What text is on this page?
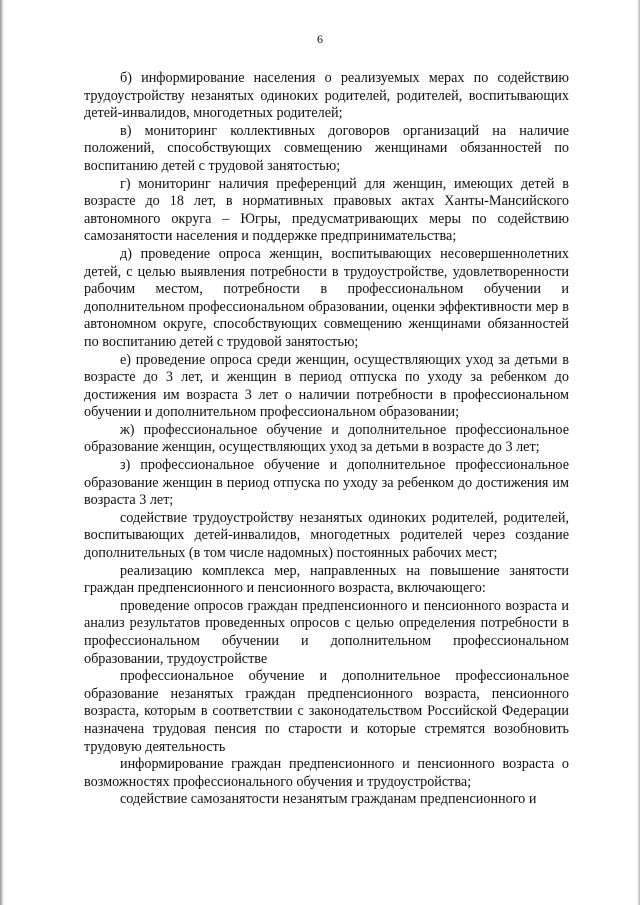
6

б) информирование населения о реализуемых мерах по содействию трудоустройству незанятых одиноких родителей, родителей, воспитывающих детей-инвалидов, многодетных родителей;

в) мониторинг коллективных договоров организаций на наличие положений, способствующих совмещению женщинами обязанностей по воспитанию детей с трудовой занятостью;

г) мониторинг наличия преференций для женщин, имеющих детей в возрасте до 18 лет, в нормативных правовых актах Ханты-Мансийского автономного округа – Югры, предусматривающих меры по содействию самозанятости населения и поддержке предпринимательства;

д) проведение опроса женщин, воспитывающих несовершеннолетних детей, с целью выявления потребности в трудоустройстве, удовлетворенности рабочим местом, потребности в профессиональном обучении и дополнительном профессиональном образовании, оценки эффективности мер в автономном округе, способствующих совмещению женщинами обязанностей по воспитанию детей с трудовой занятостью;

е) проведение опроса среди женщин, осуществляющих уход за детьми в возрасте до 3 лет, и женщин в период отпуска по уходу за ребенком до достижения им возраста 3 лет о наличии потребности в профессиональном обучении и дополнительном профессиональном образовании;

ж) профессиональное обучение и дополнительное профессиональное образование женщин, осуществляющих уход за детьми в возрасте до 3 лет;

з) профессиональное обучение и дополнительное профессиональное образование женщин в период отпуска по уходу за ребенком до достижения им возраста 3 лет;

содействие трудоустройству незанятых одиноких родителей, родителей, воспитывающих детей-инвалидов, многодетных родителей через создание дополнительных (в том числе надомных) постоянных рабочих мест;

реализацию комплекса мер, направленных на повышение занятости граждан предпенсионного и пенсионного возраста, включающего:

проведение опросов граждан предпенсионного и пенсионного возраста и анализ результатов проведенных опросов с целью определения потребности в профессиональном обучении и дополнительном профессиональном образовании, трудоустройстве

профессиональное обучение и дополнительное профессиональное образование незанятых граждан предпенсионного возраста, пенсионного возраста, которым в соответствии с законодательством Российской Федерации назначена трудовая пенсия по старости и которые стремятся возобновить трудовую деятельность

информирование граждан предпенсионного и пенсионного возраста о возможностях профессионального обучения и трудоустройства;

содействие самозанятости незанятым гражданам предпенсионного и
